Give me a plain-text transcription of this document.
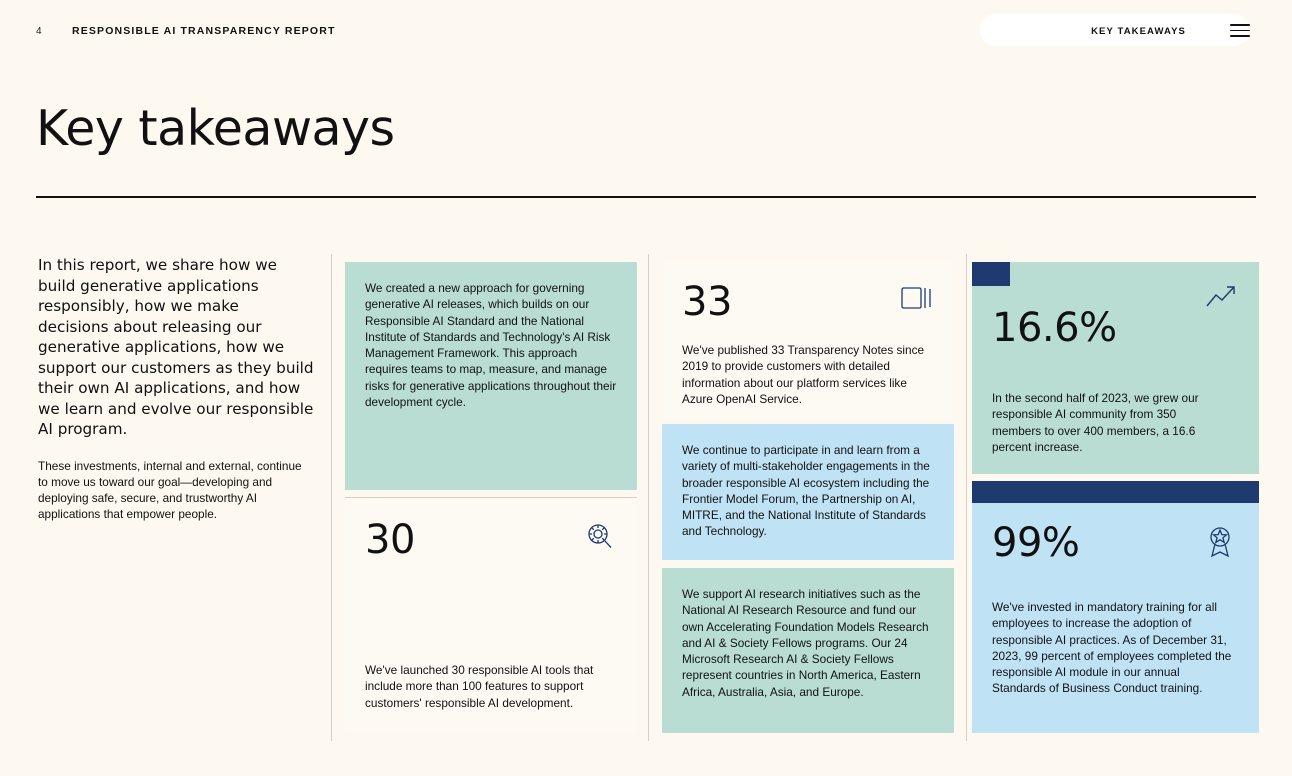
4	RESPONSIBLE AI TRANSPARENCY REPORT	KEY TAKEAWAYS
Key takeaways
In this report, we share how we build generative applications responsibly, how we make decisions about releasing our generative applications, how we support our customers as they build their own AI applications, and how we learn and evolve our responsible AI program.
These investments, internal and external, continue to move us toward our goal—developing and deploying safe, secure, and trustworthy AI applications that empower people.
We created a new approach for governing generative AI releases, which builds on our Responsible AI Standard and the National Institute of Standards and Technology's AI Risk Management Framework. This approach requires teams to map, measure, and manage risks for generative applications throughout their development cycle.
30
We've launched 30 responsible AI tools that include more than 100 features to support customers' responsible AI development.
33
We've published 33 Transparency Notes since 2019 to provide customers with detailed information about our platform services like Azure OpenAI Service.
We continue to participate in and learn from a variety of multi-stakeholder engagements in the broader responsible AI ecosystem including the Frontier Model Forum, the Partnership on AI, MITRE, and the National Institute of Standards and Technology.
We support AI research initiatives such as the National AI Research Resource and fund our own Accelerating Foundation Models Research and AI & Society Fellows programs. Our 24 Microsoft Research AI & Society Fellows represent countries in North America, Eastern Africa, Australia, Asia, and Europe.
16.6%
In the second half of 2023, we grew our responsible AI community from 350 members to over 400 members, a 16.6 percent increase.
99%
We've invested in mandatory training for all employees to increase the adoption of responsible AI practices. As of December 31, 2023, 99 percent of employees completed the responsible AI module in our annual Standards of Business Conduct training.
